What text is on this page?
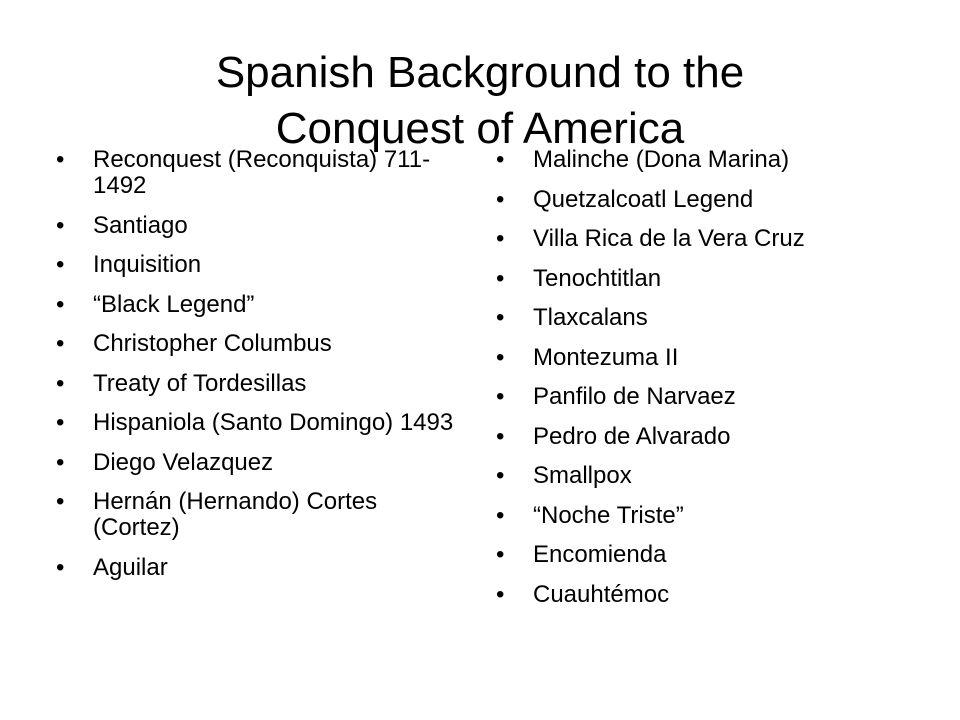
Spanish Background to the
Conquest of America
•	Reconquest (Reconquista) 711-1492
•	Santiago
•	Inquisition
•	“Black Legend”
•	Christopher Columbus
•	Treaty of Tordesillas
•	Hispaniola (Santo Domingo) 1493
•	Diego Velazquez
•	Hernán (Hernando) Cortes (Cortez)
•	Aguilar
•	Malinche (Dona Marina)
•	Quetzalcoatl Legend
•	Villa Rica de la Vera Cruz
•	Tenochtitlan
•	Tlaxcalans
•	Montezuma II
•	Panfilo de Narvaez
•	Pedro de Alvarado
•	Smallpox
•	“Noche Triste”
•	Encomienda
•	Cuauhtémoc
